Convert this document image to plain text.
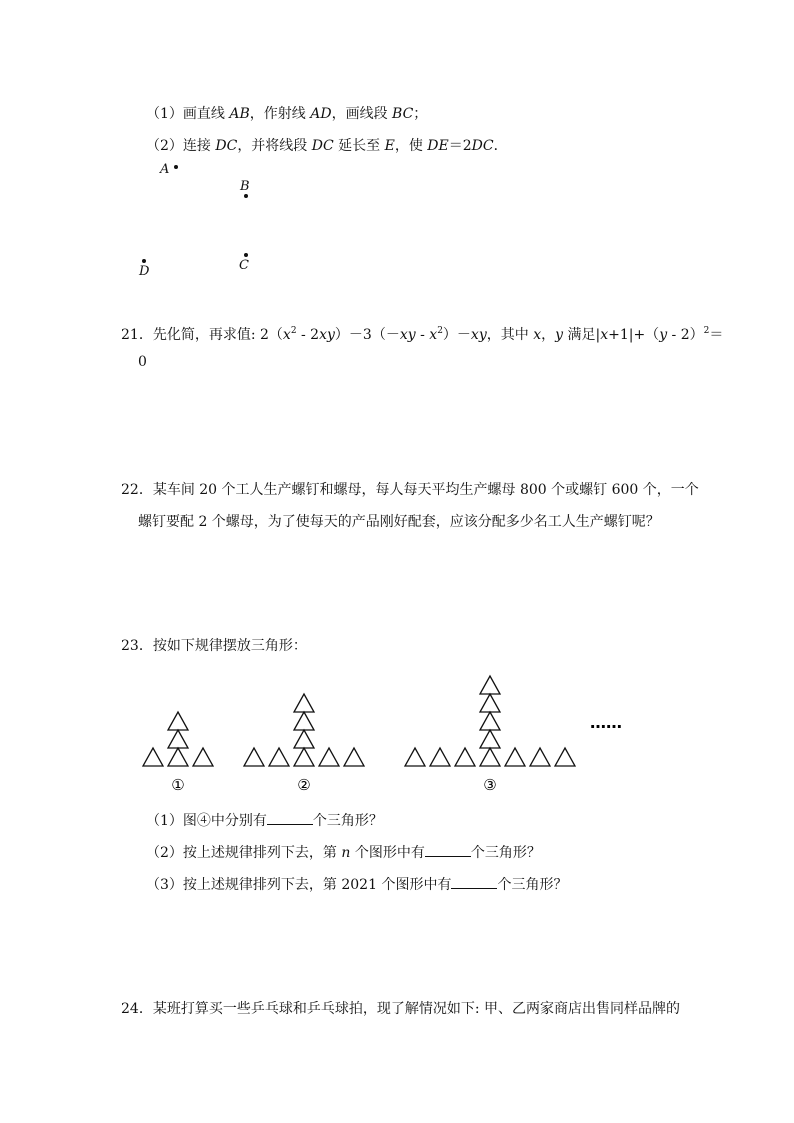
（1）画直线 AB，作射线 AD，画线段 BC；
（2）连接 DC，并将线段 DC 延长至 E，使 DE＝2DC．
A
B
C
D
21．先化简，再求值: $2(x^2 - 2xy)-3(-xy - x^2)-xy$，其中 x，y 满足|x+1|+（y - 2）$^2$＝
0
22．某车间 20 个工人生产螺钉和螺母，每人每天平均生产螺母 800 个或螺钉 600 个，一个
螺钉要配 2 个螺母，为了使每天的产品刚好配套，应该分配多少名工人生产螺钉呢？
23．按如下规律摆放三角形：
①	②	③
……
（1）图④中分别有	个三角形？
（2）按上述规律排列下去，第 n 个图形中有	个三角形？
（3）按上述规律排列下去，第 2021 个图形中有	个三角形？
24．某班打算买一些乒乓球和乒乓球拍，现了解情况如下: 甲、乙两家商店出售同样品牌的
